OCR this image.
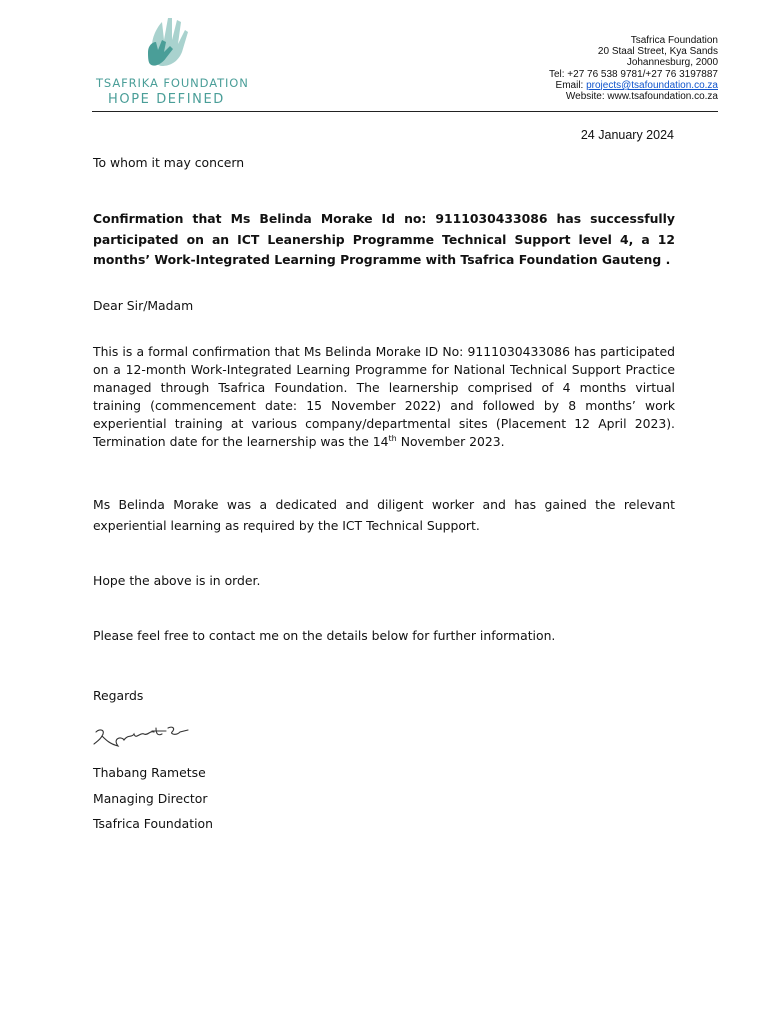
TSAFRIKA FOUNDATION
HOPE DEFINED
Tsafrica Foundation
20 Staal Street, Kya Sands
Johannesburg, 2000
Tel: +27 76 538 9781/+27 76 3197887
Email: projects@tsafoundation.co.za
Website: www.tsafoundation.co.za
24 January 2024
To whom it may concern
Confirmation that Ms Belinda Morake Id no: 9111030433086 has successfully participated on an ICT Leanership Programme Technical Support level 4, a 12 months’ Work-Integrated Learning Programme with Tsafrica Foundation Gauteng .
Dear Sir/Madam
This is a formal confirmation that Ms Belinda Morake ID No: 9111030433086 has participated on a 12-month Work-Integrated Learning Programme for National Technical Support Practice managed through Tsafrica Foundation. The learnership comprised of 4 months virtual training (commencement date: 15 November 2022) and followed by 8 months’ work experiential training at various company/departmental sites (Placement 12 April 2023). Termination date for the learnership was the 14th November 2023.
Ms Belinda Morake was a dedicated and diligent worker and has gained the relevant experiential learning as required by the ICT Technical Support.
Hope the above is in order.
Please feel free to contact me on the details below for further information.
Regards
Thabang Rametse
Managing Director
Tsafrica Foundation
